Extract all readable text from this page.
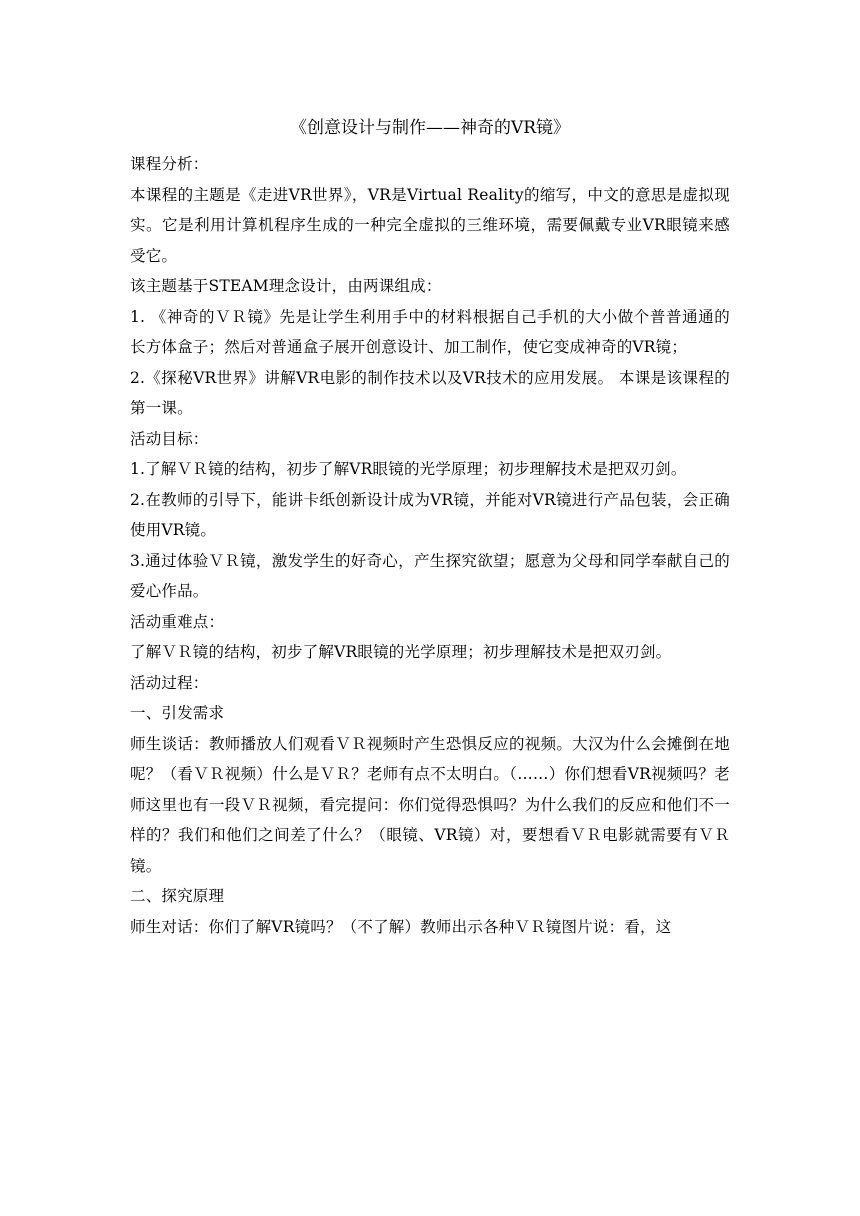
《创意设计与制作——神奇的VR镜》

课程分析：

本课程的主题是《走进VR世界》，VR是Virtual Reality的缩写，中文的意思是虚拟现实。它是利用计算机程序生成的一种完全虚拟的三维环境，需要佩戴专业VR眼镜来感受它。

该主题基于STEAM理念设计，由两课组成：

1. 《神奇的ＶＲ镜》先是让学生利用手中的材料根据自己手机的大小做个普普通通的长方体盒子；然后对普通盒子展开创意设计、加工制作，使它变成神奇的VR镜；

2.《探秘VR世界》讲解VR电影的制作技术以及VR技术的应用发展。 本课是该课程的第一课。

活动目标：

1.了解ＶＲ镜的结构，初步了解VR眼镜的光学原理；初步理解技术是把双刃剑。

2.在教师的引导下，能讲卡纸创新设计成为VR镜，并能对VR镜进行产品包装，会正确使用VR镜。

3.通过体验ＶＲ镜，激发学生的好奇心，产生探究欲望；愿意为父母和同学奉献自己的爱心作品。

活动重难点：

了解ＶＲ镜的结构，初步了解VR眼镜的光学原理；初步理解技术是把双刃剑。

活动过程：

一、引发需求

师生谈话：教师播放人们观看ＶＲ视频时产生恐惧反应的视频。大汉为什么会摊倒在地呢？（看ＶＲ视频）什么是ＶＲ？老师有点不太明白。（……）你们想看VR视频吗？老师这里也有一段ＶＲ视频，看完提问：你们觉得恐惧吗？为什么我们的反应和他们不一样的？我们和他们之间差了什么？（眼镜、VR镜）对，要想看ＶＲ电影就需要有ＶＲ镜。

二、探究原理

师生对话：你们了解VR镜吗？（不了解）教师出示各种ＶＲ镜图片说：看，这
